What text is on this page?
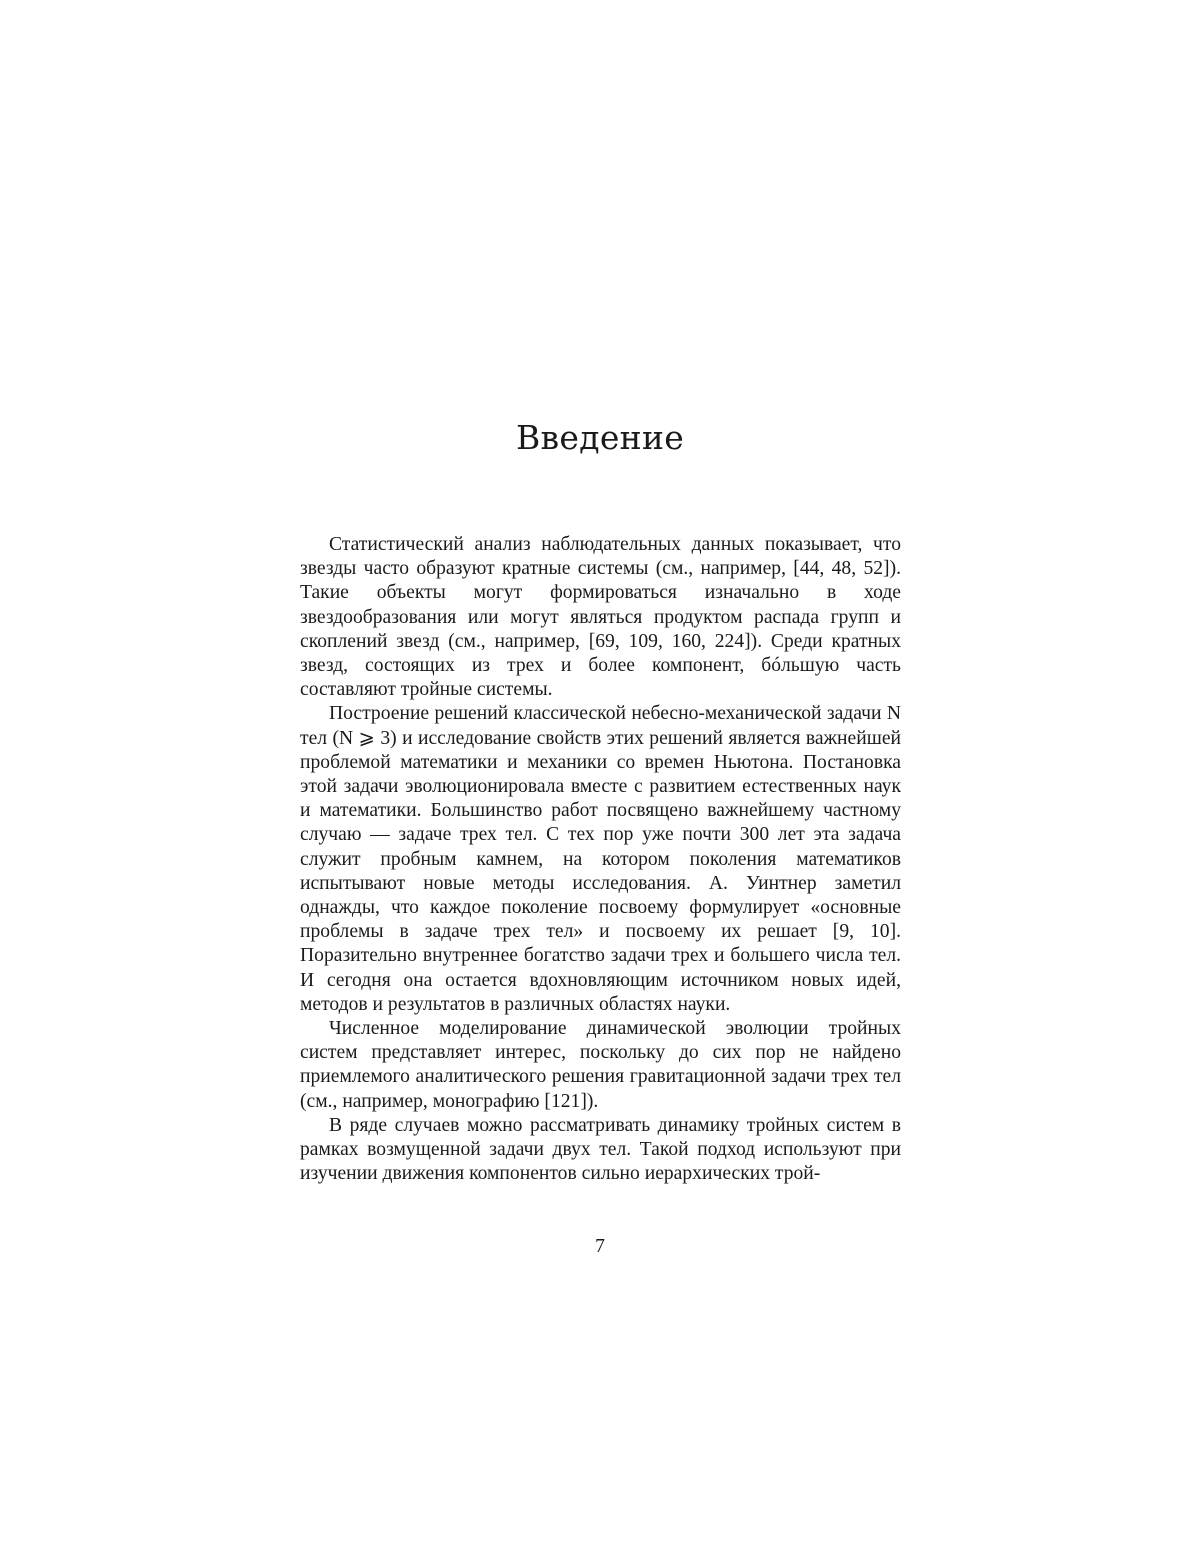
Введение

Статистический анализ наблюдательных данных показывает, что звезды часто образуют кратные системы (см., например, [44, 48, 52]). Такие объекты могут формироваться изначально в ходе звездообразования или могут являться продуктом распада групп и скоплений звезд (см., например, [69, 109, 160, 224]). Среди кратных звезд, состоящих из трех и более компонент, бóльшую часть составляют тройные системы.

Построение решений классической небесно-механической задачи N тел (N ⩾ 3) и исследование свойств этих решений является важнейшей проблемой математики и механики со времен Ньютона. Постановка этой задачи эволюционировала вместе с развитием естественных наук и математики. Большинство работ посвящено важнейшему частному случаю — задаче трех тел. С тех пор уже почти 300 лет эта задача служит пробным камнем, на котором поколения математиков испытывают новые методы исследования. А. Уинтнер заметил однажды, что каждое поколение посвоему формулирует «основные проблемы в задаче трех тел» и посвоему их решает [9, 10]. Поразительно внутреннее богатство задачи трех и большего числа тел. И сегодня она остается вдохновляющим источником новых идей, методов и результатов в различных областях науки.

Численное моделирование динамической эволюции тройных систем представляет интерес, поскольку до сих пор не найдено приемлемого аналитического решения гравитационной задачи трех тел (см., например, монографию [121]).

В ряде случаев можно рассматривать динамику тройных систем в рамках возмущенной задачи двух тел. Такой подход используют при изучении движения компонентов сильно иерархических трой-

7
